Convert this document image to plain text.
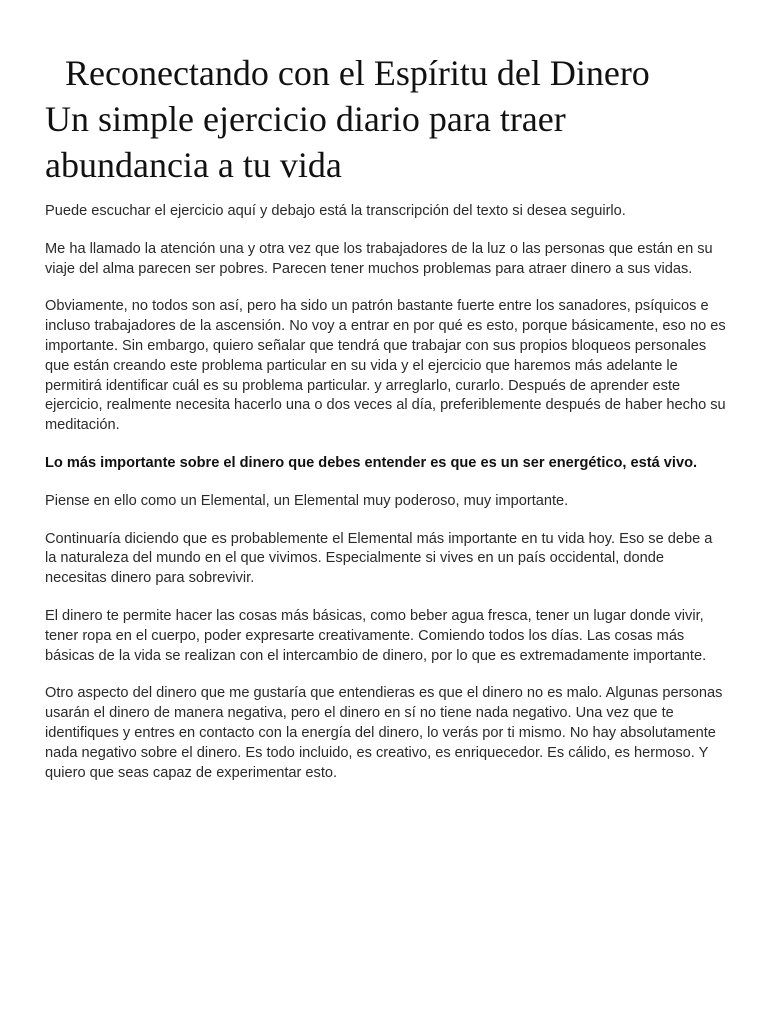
Reconectando con el Espíritu del Dinero
Un simple ejercicio diario para traer abundancia a tu vida

Puede escuchar el ejercicio aquí y debajo está la transcripción del texto si desea seguirlo.

Me ha llamado la atención una y otra vez que los trabajadores de la luz o las personas que están en su viaje del alma parecen ser pobres. Parecen tener muchos problemas para atraer dinero a sus vidas.

Obviamente, no todos son así, pero ha sido un patrón bastante fuerte entre los sanadores, psíquicos e incluso trabajadores de la ascensión. No voy a entrar en por qué es esto, porque básicamente, eso no es importante. Sin embargo, quiero señalar que tendrá que trabajar con sus propios bloqueos personales que están creando este problema particular en su vida y el ejercicio que haremos más adelante le permitirá identificar cuál es su problema particular. y arreglarlo, curarlo. Después de aprender este ejercicio, realmente necesita hacerlo una o dos veces al día, preferiblemente después de haber hecho su meditación.

Lo más importante sobre el dinero que debes entender es que es un ser energético, está vivo.

Piense en ello como un Elemental, un Elemental muy poderoso, muy importante.

Continuaría diciendo que es probablemente el Elemental más importante en tu vida hoy. Eso se debe a la naturaleza del mundo en el que vivimos. Especialmente si vives en un país occidental, donde necesitas dinero para sobrevivir.

El dinero te permite hacer las cosas más básicas, como beber agua fresca, tener un lugar donde vivir, tener ropa en el cuerpo, poder expresarte creativamente. Comiendo todos los días. Las cosas más básicas de la vida se realizan con el intercambio de dinero, por lo que es extremadamente importante.

Otro aspecto del dinero que me gustaría que entendieras es que el dinero no es malo. Algunas personas usarán el dinero de manera negativa, pero el dinero en sí no tiene nada negativo. Una vez que te identifiques y entres en contacto con la energía del dinero, lo verás por ti mismo. No hay absolutamente nada negativo sobre el dinero. Es todo incluido, es creativo, es enriquecedor. Es cálido, es hermoso. Y quiero que seas capaz de experimentar esto.
